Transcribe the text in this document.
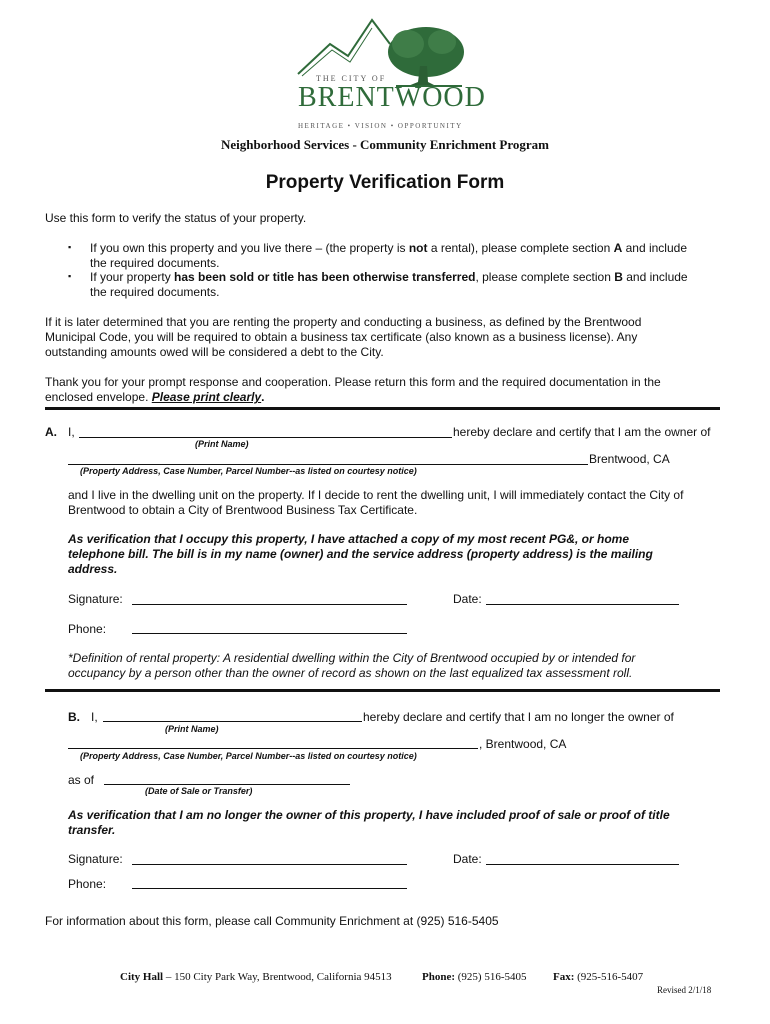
THE CITY OF
BRENTWOOD
HERITAGE • VISION • OPPORTUNITY
Neighborhood Services - Community Enrichment Program
Property Verification Form
Use this form to verify the status of your property.
▪ If you own this property and you live there – (the property is not a rental), please complete section A and include
the required documents.
▪ If your property has been sold or title has been otherwise transferred, please complete section B and include
the required documents.
If it is later determined that you are renting the property and conducting a business, as defined by the Brentwood
Municipal Code, you will be required to obtain a business tax certificate (also known as a business license). Any
outstanding amounts owed will be considered a debt to the City.
Thank you for your prompt response and cooperation. Please return this form and the required documentation in the
enclosed envelope. Please print clearly.
A. I,	hereby declare and certify that I am the owner of
(Print Name)
Brentwood, CA
(Property Address, Case Number, Parcel Number--as listed on courtesy notice)
and I live in the dwelling unit on the property. If I decide to rent the dwelling unit, I will immediately contact the City of
Brentwood to obtain a City of Brentwood Business Tax Certificate.
As verification that I occupy this property, I have attached a copy of my most recent PG&, or home
telephone bill. The bill is in my name (owner) and the service address (property address) is the mailing
address.
Signature:	Date:
Phone:
*Definition of rental property: A residential dwelling within the City of Brentwood occupied by or intended for
occupancy by a person other than the owner of record as shown on the last equalized tax assessment roll.
B. I,	hereby declare and certify that I am no longer the owner of
(Print Name)
, Brentwood, CA
(Property Address, Case Number, Parcel Number--as listed on courtesy notice)
as of
(Date of Sale or Transfer)
As verification that I am no longer the owner of this property, I have included proof of sale or proof of title
transfer.
Signature:	Date:
Phone:
For information about this form, please call Community Enrichment at (925) 516-5405
City Hall – 150 City Park Way, Brentwood, California 94513	Phone: (925) 516-5405 Fax: (925-516-5407
Revised 2/1/18
